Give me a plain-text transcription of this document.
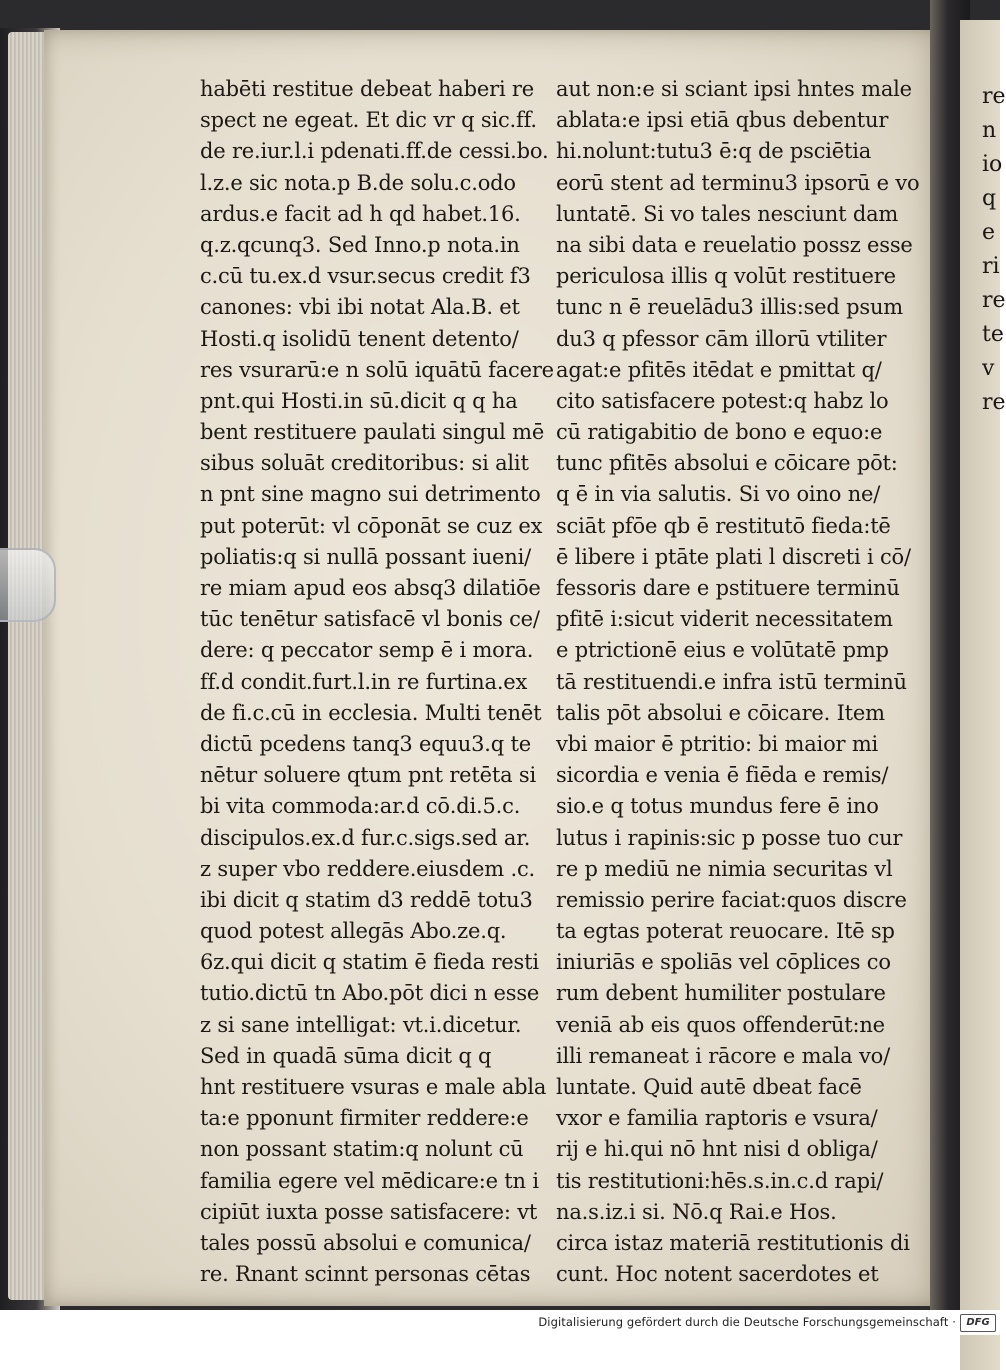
re
n
io
q
e
ri
re
te
v
re
habēti restitue debeat haberi re
spect ne egeat. Et dic vr q sic.ff.
de re.iur.l.i pdenati.ff.de cessi.bo.
l.z.e sic nota.p B.de solu.c.odo
ardus.e facit ad h qd habet.16.
q.z.qcunq3. Sed Inno.p nota.in
c.cū tu.ex.d vsur.secus credit f3
canones: vbi ibi notat Ala.B. et
Hosti.q isolidū tenent detento/
res vsurarū:e n solū iquātū facere
pnt.qui Hosti.in sū.dicit q q ha
bent restituere paulati singul mē
sibus soluāt creditoribus: si alit
n pnt sine magno sui detrimento
put poterūt: vl cōponāt se cuz ex
poliatis:q si nullā possant iueni/
re miam apud eos absq3 dilatiōe
tūc tenētur satisfacē vl bonis ce/
dere: q peccator semp ē i mora.
ff.d condit.furt.l.in re furtina.ex
de fi.c.cū in ecclesia. Multi tenēt
dictū pcedens tanq3 equu3.q te
nētur soluere qtum pnt retēta si
bi vita commoda:ar.d cō.di.5.c.
discipulos.ex.d fur.c.sigs.sed ar.
z super vbo reddere.eiusdem .c.
ibi dicit q statim d3 reddē totu3
quod potest allegās Abo.ze.q.
6z.qui dicit q statim ē fieda resti
tutio.dictū tn Abo.pōt dici n esse
z si sane intelligat: vt.i.dicetur.
Sed in quadā sūma dicit q q
hnt restituere vsuras e male abla
ta:e pponunt firmiter reddere:e
non possant statim:q nolunt cū
familia egere vel mēdicare:e tn i
cipiūt iuxta posse satisfacere: vt
tales possū absolui e comunica/
re. Rnant scinnt personas cētas
aut non:e si sciant ipsi hntes male
ablata:e ipsi etiā qbus debentur
hi.nolunt:tutu3 ē:q de psciētia
eorū stent ad terminu3 ipsorū e vo
luntatē. Si vo tales nesciunt dam
na sibi data e reuelatio possz esse
periculosa illis q volūt restituere
tunc n ē reuelādu3 illis:sed psum
du3 q pfessor cām illorū vtiliter
agat:e pfitēs itēdat e pmittat q/
cito satisfacere potest:q habz lo
cū ratigabitio de bono e equo:e
tunc pfitēs absolui e cōicare pōt:
q ē in via salutis. Si vo oino ne/
sciāt pfōe qb ē restitutō fieda:tē
ē libere i ptāte plati l discreti i cō/
fessoris dare e pstituere terminū
pfitē i:sicut viderit necessitatem
e ptrictionē eius e volūtatē pmp
tā restituendi.e infra istū terminū
talis pōt absolui e cōicare. Item
vbi maior ē ptritio: bi maior mi
sicordia e venia ē fiēda e remis/
sio.e q totus mundus fere ē ino
lutus i rapinis:sic p posse tuo cur
re p mediū ne nimia securitas vl
remissio perire faciat:quos discre
ta egtas poterat reuocare. Itē sp
iniuriās e spoliās vel cōplices co
rum debent humiliter postulare
veniā ab eis quos offenderūt:ne
illi remaneat i rācore e mala vo/
luntate. Quid autē dbeat facē
vxor e familia raptoris e vsura/
rij e hi.qui nō hnt nisi d obliga/
tis restitutioni:hēs.s.in.c.d rapi/
na.s.iz.i si. Nō.q Rai.e Hos.
circa istaz materiā restitutionis di
cunt. Hoc notent sacerdotes et
Digitalisierung gefördert durch die Deutsche Forschungsgemeinschaft ·	DFG
